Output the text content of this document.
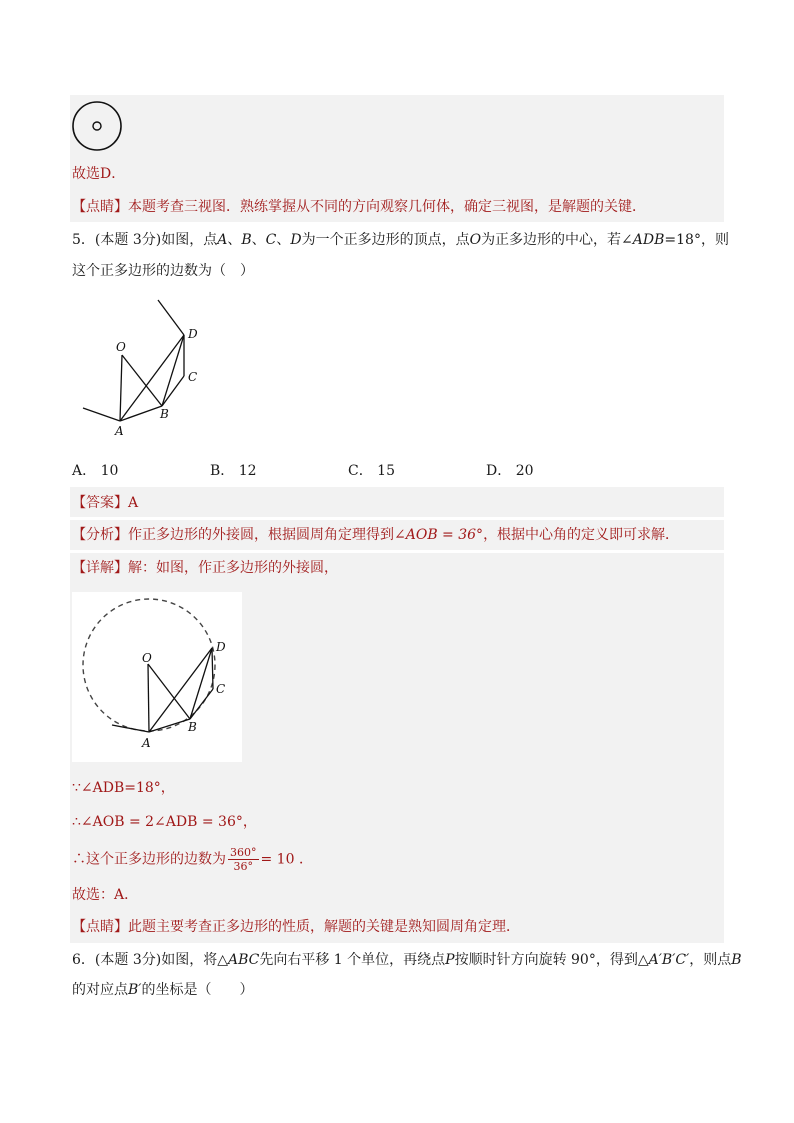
故选D．
【点睛】本题考查三视图．熟练掌握从不同的方向观察几何体，确定三视图，是解题的关键．
5．(本题 3分)如图，点A、B、C、D为一个正多边形的顶点，点O为正多边形的中心，若∠ADB=18°，则
这个正多边形的边数为（　）
O
D
C
B
A
A． 10	B． 12	C． 15	D． 20
【答案】A
【分析】作正多边形的外接圆，根据圆周角定理得到∠AOB = 36°，根据中心角的定义即可求解．
【详解】解：如图，作正多边形的外接圆，
O
D
C
B
A
∵∠ADB=18°，
∴∠AOB = 2∠ADB = 36°，
∴这个正多边形的边数为 $\frac{360^\circ}{36^\circ} = 10$ ．
故选：A．
【点睛】此题主要考查正多边形的性质，解题的关键是熟知圆周角定理．
6．(本题 3分)如图，将△ABC先向右平移 1 个单位，再绕点P按顺时针方向旋转 90°，得到△A′B′C′，则点B
的对应点B′的坐标是（　　）
